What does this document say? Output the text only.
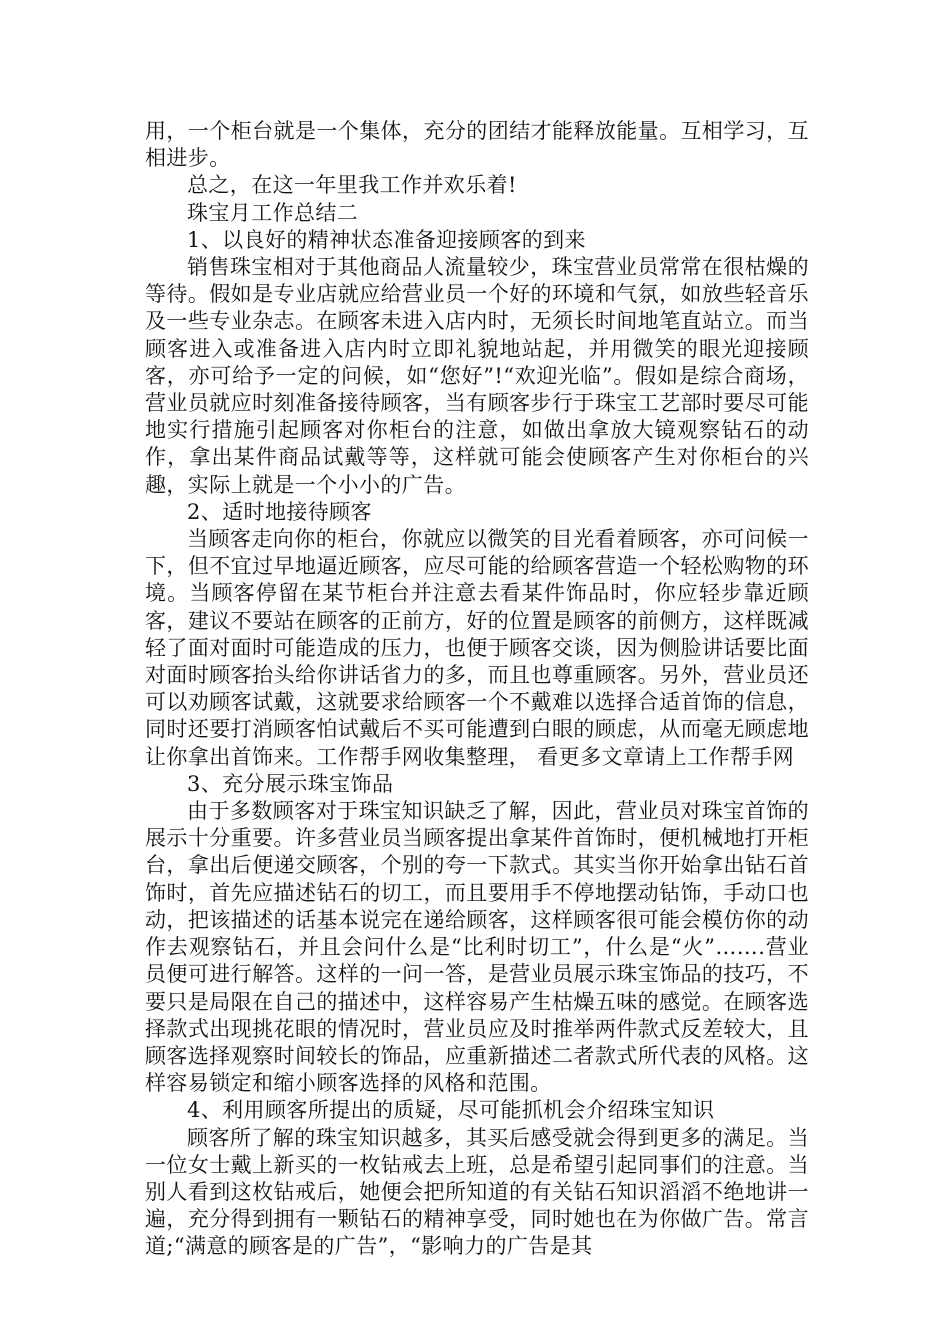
用，一个柜台就是一个集体，充分的团结才能释放能量。互相学习，互相进步。

总之，在这一年里我工作并欢乐着!

珠宝月工作总结二

1、以良好的精神状态准备迎接顾客的到来

销售珠宝相对于其他商品人流量较少，珠宝营业员常常在很枯燥的等待。假如是专业店就应给营业员一个好的环境和气氛，如放些轻音乐及一些专业杂志。在顾客未进入店内时，无须长时间地笔直站立。而当顾客进入或准备进入店内时立即礼貌地站起，并用微笑的眼光迎接顾客，亦可给予一定的问候，如“您好”!“欢迎光临”。假如是综合商场，营业员就应时刻准备接待顾客，当有顾客步行于珠宝工艺部时要尽可能地实行措施引起顾客对你柜台的注意，如做出拿放大镜观察钻石的动作，拿出某件商品试戴等等，这样就可能会使顾客产生对你柜台的兴趣，实际上就是一个小小的广告。

2、适时地接待顾客

当顾客走向你的柜台，你就应以微笑的目光看着顾客，亦可问候一下，但不宜过早地逼近顾客，应尽可能的给顾客营造一个轻松购物的环境。当顾客停留在某节柜台并注意去看某件饰品时，你应轻步靠近顾客，建议不要站在顾客的正前方，好的位置是顾客的前侧方，这样既减轻了面对面时可能造成的压力，也便于顾客交谈，因为侧脸讲话要比面对面时顾客抬头给你讲话省力的多，而且也尊重顾客。另外，营业员还可以劝顾客试戴，这就要求给顾客一个不戴难以选择合适首饰的信息，同时还要打消顾客怕试戴后不买可能遭到白眼的顾虑，从而毫无顾虑地让你拿出首饰来。工作帮手网收集整理， 看更多文章请上工作帮手网

3、充分展示珠宝饰品

由于多数顾客对于珠宝知识缺乏了解，因此，营业员对珠宝首饰的展示十分重要。许多营业员当顾客提出拿某件首饰时，便机械地打开柜台，拿出后便递交顾客，个别的夸一下款式。其实当你开始拿出钻石首饰时，首先应描述钻石的切工，而且要用手不停地摆动钻饰，手动口也动，把该描述的话基本说完在递给顾客，这样顾客很可能会模仿你的动作去观察钻石，并且会问什么是“比利时切工”，什么是“火”…….营业员便可进行解答。这样的一问一答，是营业员展示珠宝饰品的技巧，不要只是局限在自己的描述中，这样容易产生枯燥五味的感觉。在顾客选择款式出现挑花眼的情况时，营业员应及时推举两件款式反差较大，且顾客选择观察时间较长的饰品，应重新描述二者款式所代表的风格。这样容易锁定和缩小顾客选择的风格和范围。

4、利用顾客所提出的质疑，尽可能抓机会介绍珠宝知识

顾客所了解的珠宝知识越多，其买后感受就会得到更多的满足。当一位女士戴上新买的一枚钻戒去上班，总是希望引起同事们的注意。当别人看到这枚钻戒后，她便会把所知道的有关钻石知识滔滔不绝地讲一遍，充分得到拥有一颗钻石的精神享受，同时她也在为你做广告。常言道;“满意的顾客是的广告”，“影响力的广告是其
